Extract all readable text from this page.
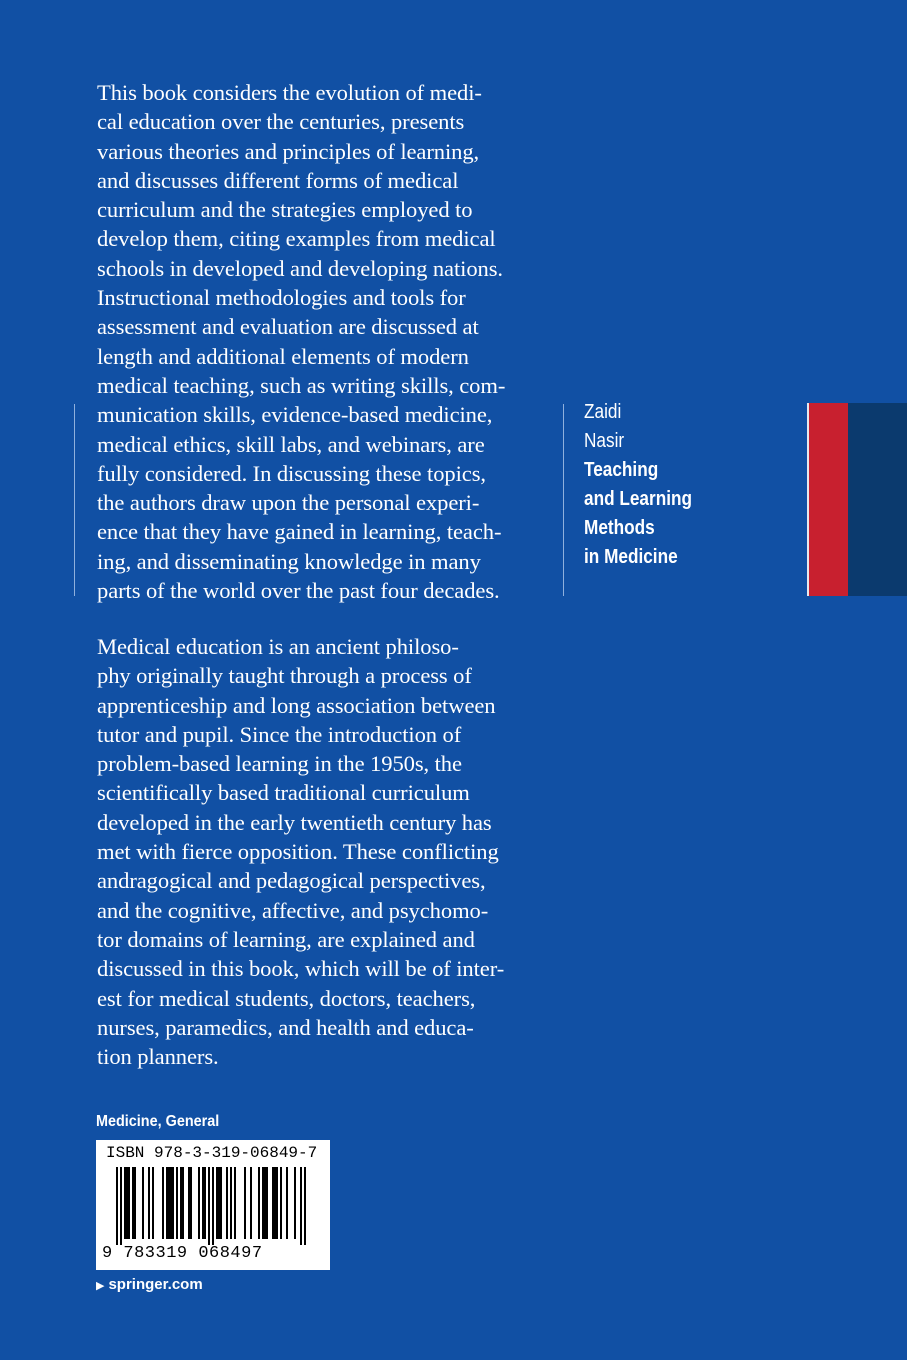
This book considers the evolution of medi-
cal education over the centuries, presents
various theories and principles of learning,
and discusses different forms of medical
curriculum and the strategies employed to
develop them, citing examples from medical
schools in developed and developing nations.
Instructional methodologies and tools for
assessment and evaluation are discussed at
length and additional elements of modern
medical teaching, such as writing skills, com-
munication skills, evidence-based medicine,
medical ethics, skill labs, and webinars, are
fully considered. In discussing these topics,
the authors draw upon the personal experi-
ence that they have gained in learning, teach-
ing, and disseminating knowledge in many
parts of the world over the past four decades.
Medical education is an ancient philoso-
phy originally taught through a process of
apprenticeship and long association between
tutor and pupil. Since the introduction of
problem-based learning in the 1950s, the
scientifically based traditional curriculum
developed in the early twentieth century has
met with fierce opposition. These conflicting
andragogical and pedagogical perspectives,
and the cognitive, affective, and psychomo-
tor domains of learning, are explained and
discussed in this book, which will be of inter-
est for medical students, doctors, teachers,
nurses, paramedics, and health and educa-
tion planners.
Zaidi
Nasir
Teaching
and Learning
Methods
in Medicine
Medicine, General
ISBN 978-3-319-06849-7
9 783319 068497
▶ springer.com
